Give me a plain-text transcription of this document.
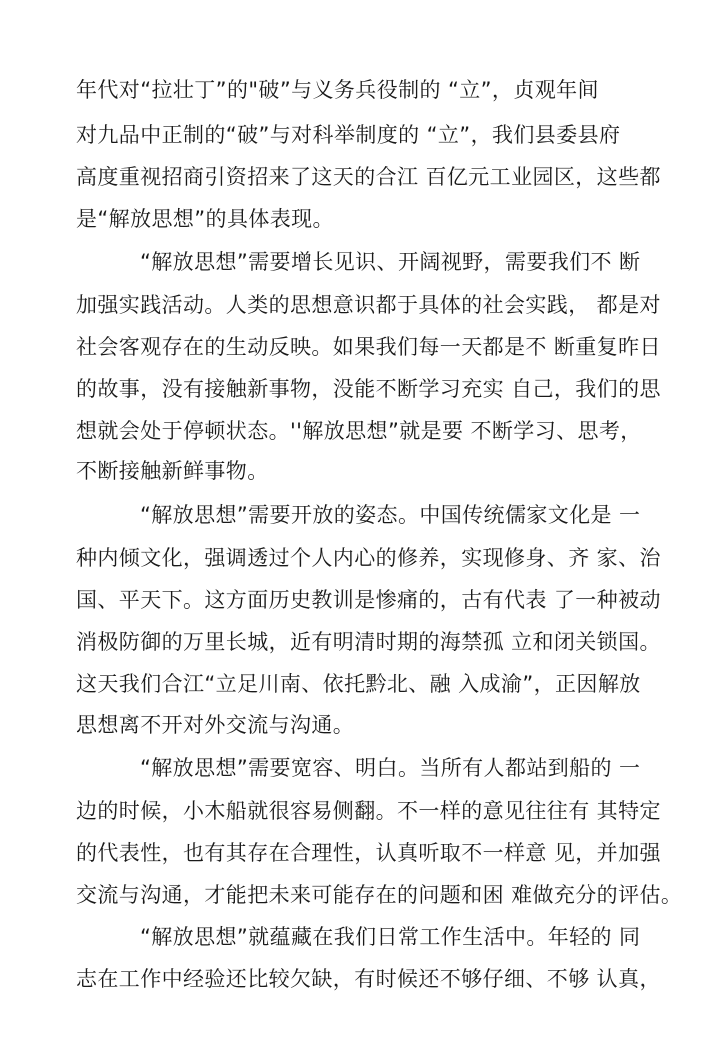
年代对“拉壮丁”的"破”与义务兵役制的 “立”，贞观年间
对九品中正制的“破”与对科举制度的 “立”，我们县委县府
高度重视招商引资招来了这天的合江 百亿元工业园区，这些都
是“解放思想”的具体表现。
“解放思想”需要增长见识、开阔视野，需要我们不 断
加强实践活动。人类的思想意识都于具体的社会实践， 都是对
社会客观存在的生动反映。如果我们每一天都是不 断重复昨日
的故事，没有接触新事物，没能不断学习充实 自己，我们的思
想就会处于停顿状态。''解放思想”就是要 不断学习、思考，
不断接触新鲜事物。
“解放思想”需要开放的姿态。中国传统儒家文化是 一
种内倾文化，强调透过个人内心的修养，实现修身、齐 家、治
国、平天下。这方面历史教训是惨痛的，古有代表 了一种被动
消极防御的万里长城，近有明清时期的海禁孤 立和闭关锁国。
这天我们合江“立足川南、依托黔北、融 入成渝”，正因解放
思想离不开对外交流与沟通。
“解放思想”需要宽容、明白。当所有人都站到船的 一
边的时候，小木船就很容易侧翻。不一样的意见往往有 其特定
的代表性，也有其存在合理性，认真听取不一样意 见，并加强
交流与沟通，才能把未来可能存在的问题和困 难做充分的评估。
“解放思想”就蕴藏在我们日常工作生活中。年轻的 同
志在工作中经验还比较欠缺，有时候还不够仔细、不够 认真，
